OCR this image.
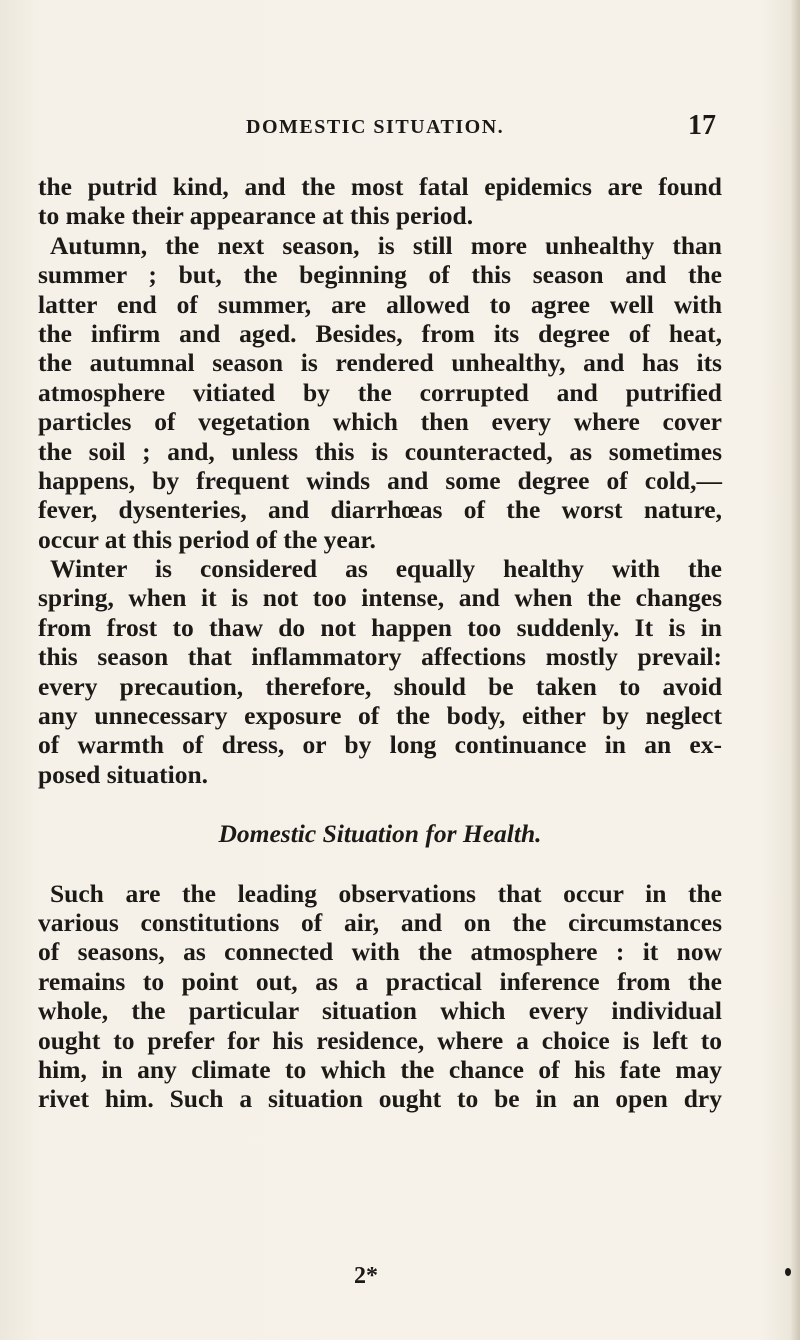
DOMESTIC SITUATION.	17
the putrid kind, and the most fatal epidemics are found
to make their appearance at this period.
Autumn, the next season, is still more unhealthy than
summer ; but, the beginning of this season and the
latter end of summer, are allowed to agree well with
the infirm and aged. Besides, from its degree of heat,
the autumnal season is rendered unhealthy, and has its
atmosphere vitiated by the corrupted and putrified
particles of vegetation which then every where cover
the soil ; and, unless this is counteracted, as sometimes
happens, by frequent winds and some degree of cold,—
fever, dysenteries, and diarrhœas of the worst nature,
occur at this period of the year.
Winter is considered as equally healthy with the
spring, when it is not too intense, and when the changes
from frost to thaw do not happen too suddenly. It is in
this season that inflammatory affections mostly prevail:
every precaution, therefore, should be taken to avoid
any unnecessary exposure of the body, either by neglect
of warmth of dress, or by long continuance in an ex-
posed situation.
Domestic Situation for Health.
Such are the leading observations that occur in the
various constitutions of air, and on the circumstances
of seasons, as connected with the atmosphere : it now
remains to point out, as a practical inference from the
whole, the particular situation which every individual
ought to prefer for his residence, where a choice is left to
him, in any climate to which the chance of his fate may
rivet him. Such a situation ought to be in an open dry
2*
